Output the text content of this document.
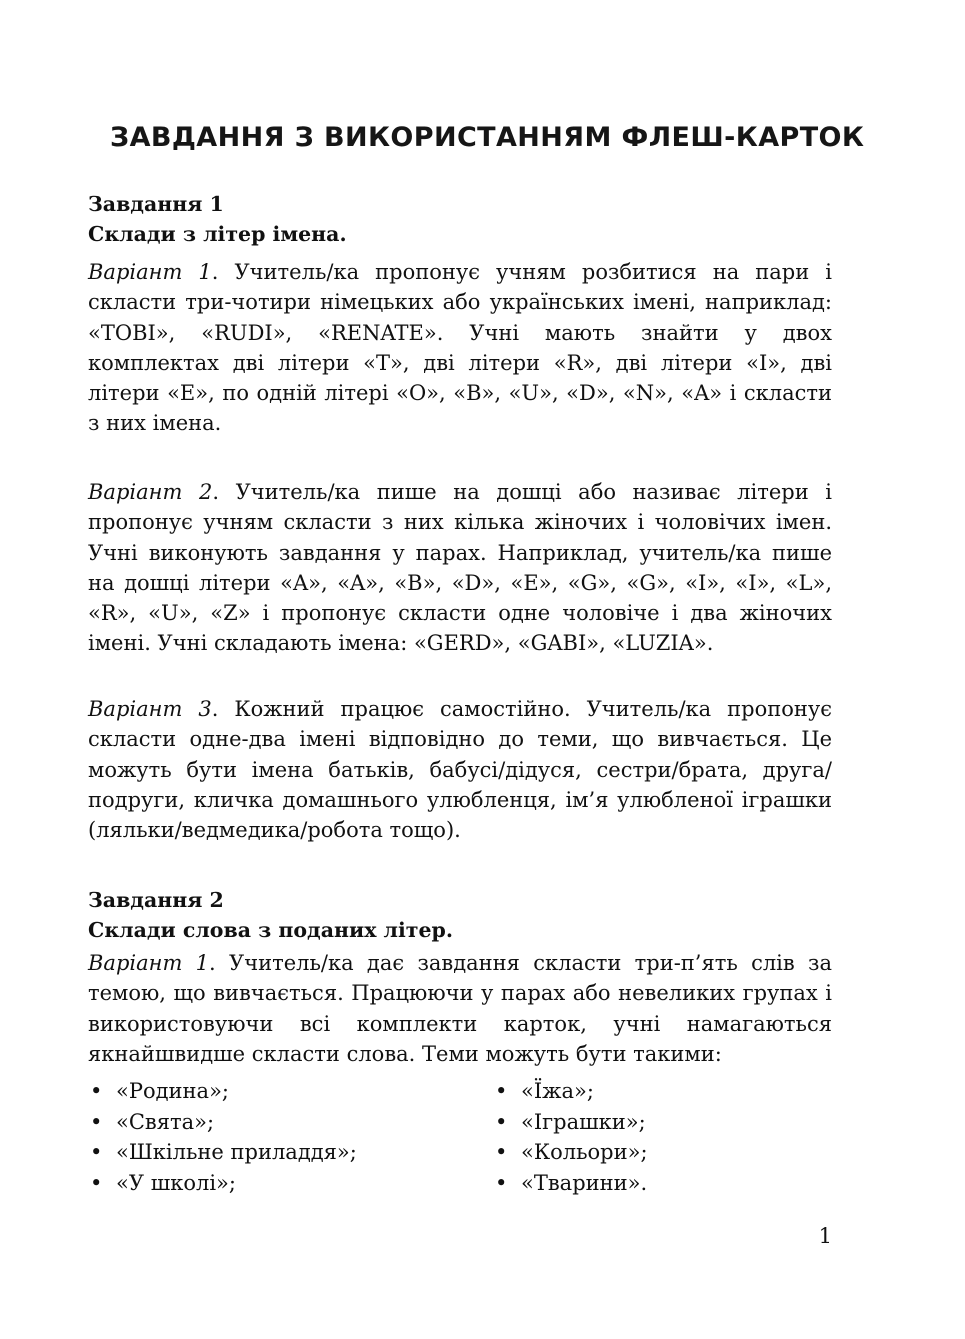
ЗАВДАННЯ З ВИКОРИСТАННЯМ ФЛЕШ-КАРТОК

Завдання 1

Склади з літер імена.

Варіант 1. Учитель/ка пропонує учням розбитися на пари і скласти три-чотири німецьких або українських імені, наприклад: «TOBI», «RUDI», «RENATE». Учні мають знайти у двох комплектах дві літери «T», дві літери «R», дві літери «I», дві літери «E», по одній літері «O», «B», «U», «D», «N», «A» і скласти з них імена.

Варіант 2. Учитель/ка пише на дошці або називає літери і пропонує учням скласти з них кілька жіночих і чоловічих імен. Учні виконують завдання у парах. Наприклад, учитель/ка пише на дошці літери «A», «A», «B», «D», «E», «G», «G», «I», «I», «L», «R», «U», «Z» і пропонує скласти одне чоловіче і два жіночих імені. Учні складають імена: «GERD», «GABI», «LUZIA».

Варіант 3. Кожний працює самостійно. Учитель/ка пропонує скласти одне-два імені відповідно до теми, що вивчається. Це можуть бути імена батьків, бабусі/дідуся, сестри/брата, друга/подруги, кличка домашнього улюбленця, ім’я улюбленої іграшки (ляльки/ведмедика/робота тощо).

Завдання 2

Склади слова з поданих літер.

Варіант 1. Учитель/ка дає завдання скласти три-п’ять слів за темою, що вивчається. Працюючи у парах або невеликих групах і використовуючи всі комплекти карток, учні намагаються якнайшвидше скласти слова. Теми можуть бути такими:

• «Родина»;
• «Свята»;
• «Шкільне приладдя»;
• «У школі»;
• «Їжа»;
• «Іграшки»;
• «Кольори»;
• «Тварини».

1
